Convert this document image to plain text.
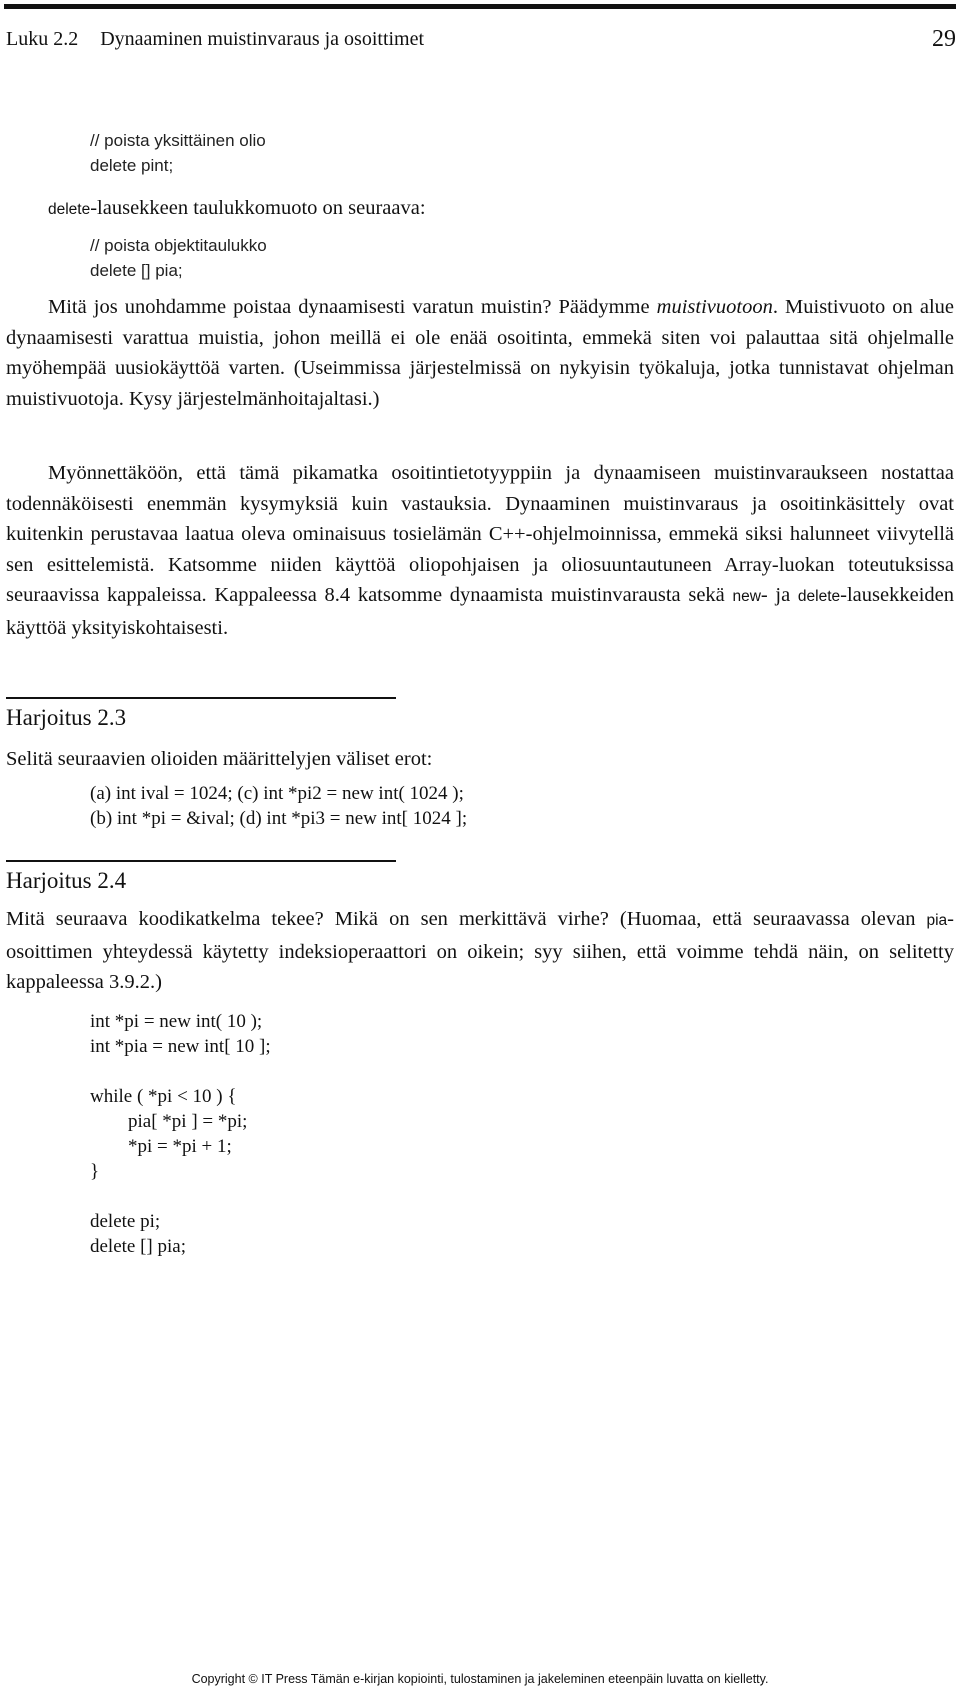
Luku 2.2 Dynaaminen muistinvaraus ja osoittimet	29
// poista yksittäinen olio
delete pint;
delete-lausekkeen taulukkomuoto on seuraava:
// poista objektitaulukko
delete [] pia;
Mitä jos unohdamme poistaa dynaamisesti varatun muistin? Päädymme muistivuotoon. Muistivuoto on alue dynaamisesti varattua muistia, johon meillä ei ole enää osoitinta, emmekä siten voi palauttaa sitä ohjelmalle myöhempää uusiokäyttöä varten. (Useimmissa järjestelmissä on nykyisin työkaluja, jotka tunnistavat ohjelman muistivuotoja. Kysy järjestelmänhoitajaltasi.)
Myönnettäköön, että tämä pikamatka osoitintietotyyppiin ja dynaamiseen muistinvaraukseen nostattaa todennäköisesti enemmän kysymyksiä kuin vastauksia. Dynaaminen muistinvaraus ja osoitinkäsittely ovat kuitenkin perustavaa laatua oleva ominaisuus tosielämän C++-ohjelmoinnissa, emmekä siksi halunneet viivytellä sen esittelemistä. Katsomme niiden käyttöä oliopohjaisen ja oliosuuntautuneen Array-luokan toteutuksissa seuraavissa kappaleissa. Kappaleessa 8.4 katsomme dynaamista muistinvarausta sekä new- ja delete-lausekkeiden käyttöä yksityiskohtaisesti.
Harjoitus 2.3
Selitä seuraavien olioiden määrittelyjen väliset erot:
(a) int ival = 1024; (c) int *pi2 = new int( 1024 );
(b) int *pi = &ival; (d) int *pi3 = new int[ 1024 ];
Harjoitus 2.4
Mitä seuraava koodikatkelma tekee? Mikä on sen merkittävä virhe? (Huomaa, että seuraavassa olevan pia-osoittimen yhteydessä käytetty indeksioperaattori on oikein; syy siihen, että voimme tehdä näin, on selitetty kappaleessa 3.9.2.)
int *pi = new int( 10 );
int *pia = new int[ 10 ];
while ( *pi < 10 ) {
pia[ *pi ] = *pi;
*pi = *pi + 1;
}
delete pi;
delete [] pia;
Copyright © IT Press Tämän e-kirjan kopiointi, tulostaminen ja jakeleminen eteenpäin luvatta on kielletty.
